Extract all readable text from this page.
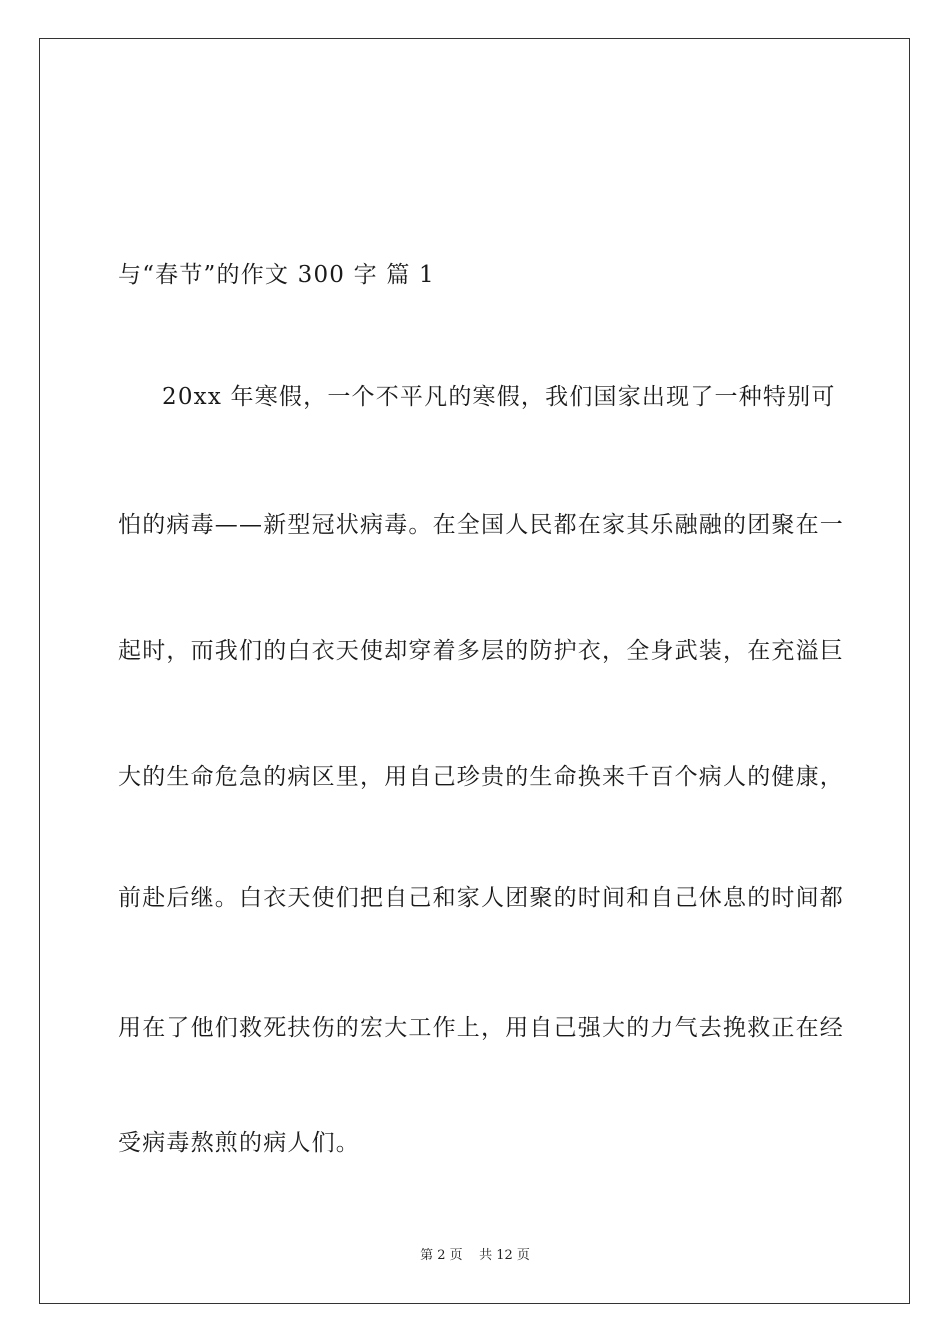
与“春节”的作文 300 字 篇 1
20xx 年寒假，一个不平凡的寒假，我们国家出现了一种特别可
怕的病毒——新型冠状病毒。在全国人民都在家其乐融融的团聚在一
起时，而我们的白衣天使却穿着多层的防护衣，全身武装，在充溢巨
大的生命危急的病区里，用自己珍贵的生命换来千百个病人的健康，
前赴后继。白衣天使们把自己和家人团聚的时间和自己休息的时间都
用在了他们救死扶伤的宏大工作上，用自己强大的力气去挽救正在经
受病毒熬煎的病人们。
第 2 页    共 12 页
